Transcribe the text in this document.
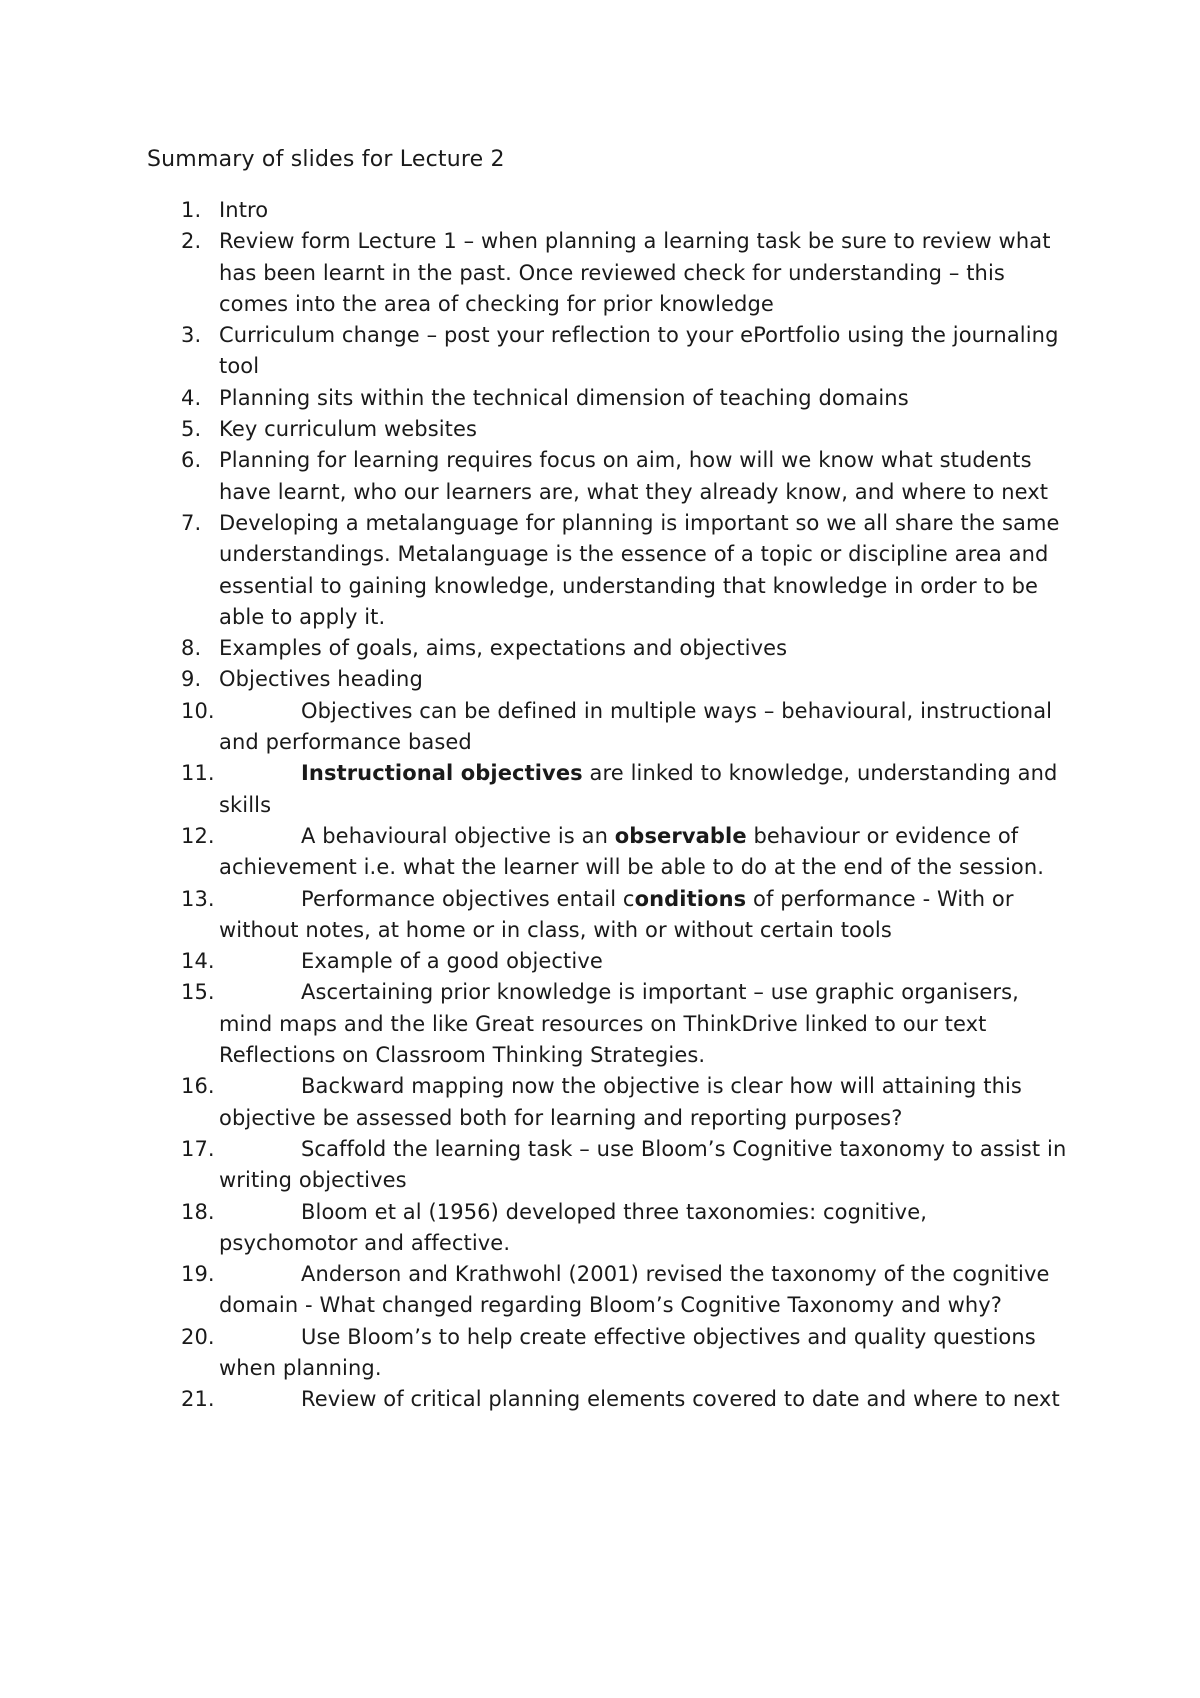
Summary of slides for Lecture 2
1. Intro
2. Review form Lecture 1 – when planning a learning task be sure to review what has been learnt in the past. Once reviewed check for understanding – this comes into the area of checking for prior knowledge
3. Curriculum change – post your reflection to your ePortfolio using the journaling tool
4. Planning sits within the technical dimension of teaching domains
5. Key curriculum websites
6. Planning for learning requires focus on aim, how will we know what students have learnt, who our learners are, what they already know, and where to next
7. Developing a metalanguage for planning is important so we all share the same understandings. Metalanguage is the essence of a topic or discipline area and essential to gaining knowledge, understanding that knowledge in order to be able to apply it.
8. Examples of goals, aims, expectations and objectives
9. Objectives heading
10.	Objectives can be defined in multiple ways – behavioural, instructional and performance based
11.	Instructional objectives are linked to knowledge, understanding and skills
12.	A behavioural objective is an observable behaviour or evidence of achievement i.e. what the learner will be able to do at the end of the session.
13.	Performance objectives entail conditions of performance - With or without notes, at home or in class, with or without certain tools
14.	Example of a good objective
15.	Ascertaining prior knowledge is important – use graphic organisers, mind maps and the like Great resources on ThinkDrive linked to our text Reflections on Classroom Thinking Strategies.
16.	Backward mapping now the objective is clear how will attaining this objective be assessed both for learning and reporting purposes?
17.	Scaffold the learning task – use Bloom’s Cognitive taxonomy to assist in writing objectives
18.	Bloom et al (1956) developed three taxonomies: cognitive, psychomotor and affective.
19.	Anderson and Krathwohl (2001) revised the taxonomy of the cognitive domain - What changed regarding Bloom’s Cognitive Taxonomy and why?
20.	Use Bloom’s to help create effective objectives and quality questions when planning.
21.	Review of critical planning elements covered to date and where to next
